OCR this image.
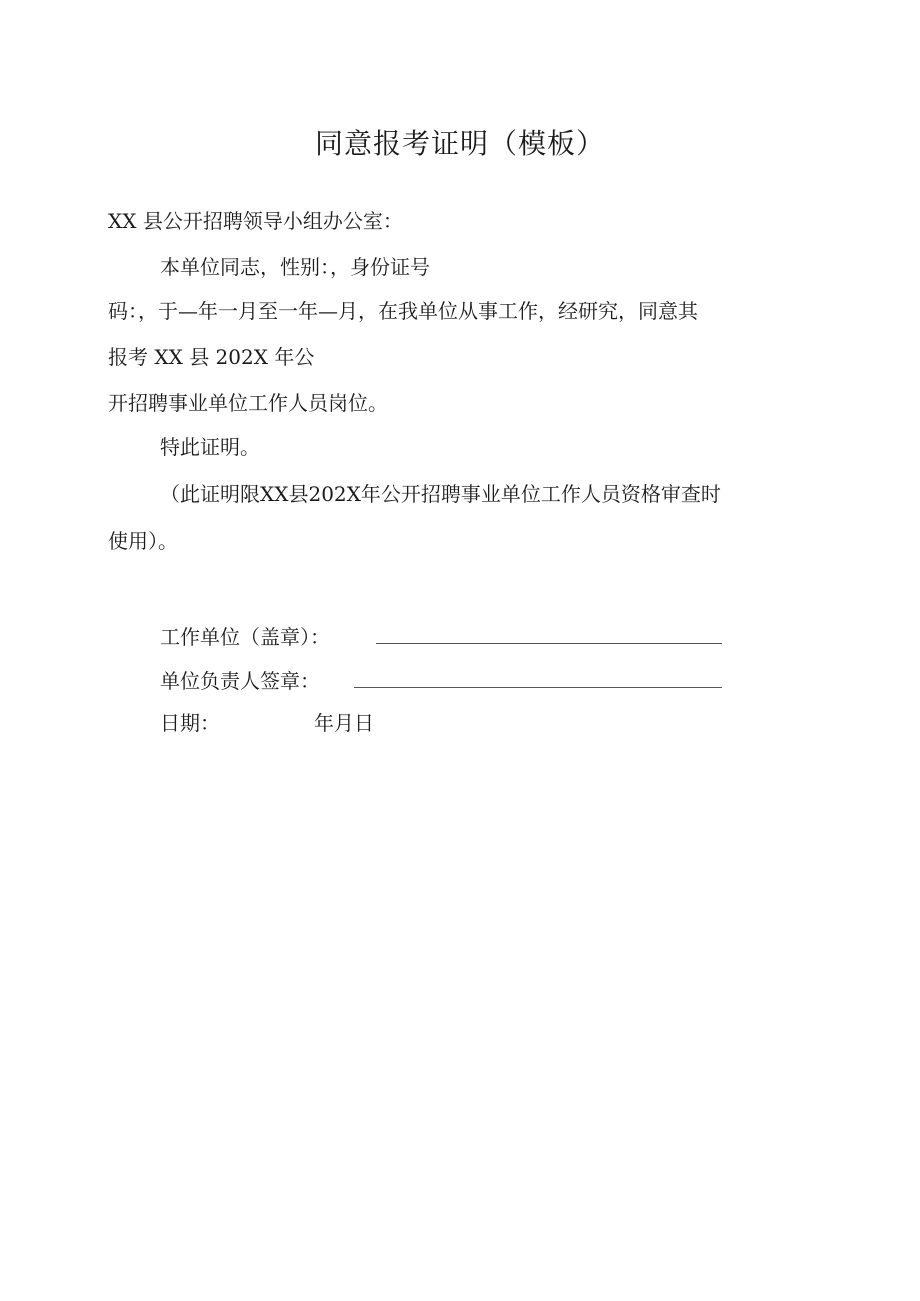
同意报考证明（模板）

XX 县公开招聘领导小组办公室：

本单位同志，性别：，身份证号

码：，于—年一月至一年—月，在我单位从事工作，经研究，同意其

报考 XX 县 202X 年公

开招聘事业单位工作人员岗位。

特此证明。

（此证明限XX县202X年公开招聘事业单位工作人员资格审查时

使用）。

工作单位（盖章）：

单位负责人签章：

日期：	年月日
